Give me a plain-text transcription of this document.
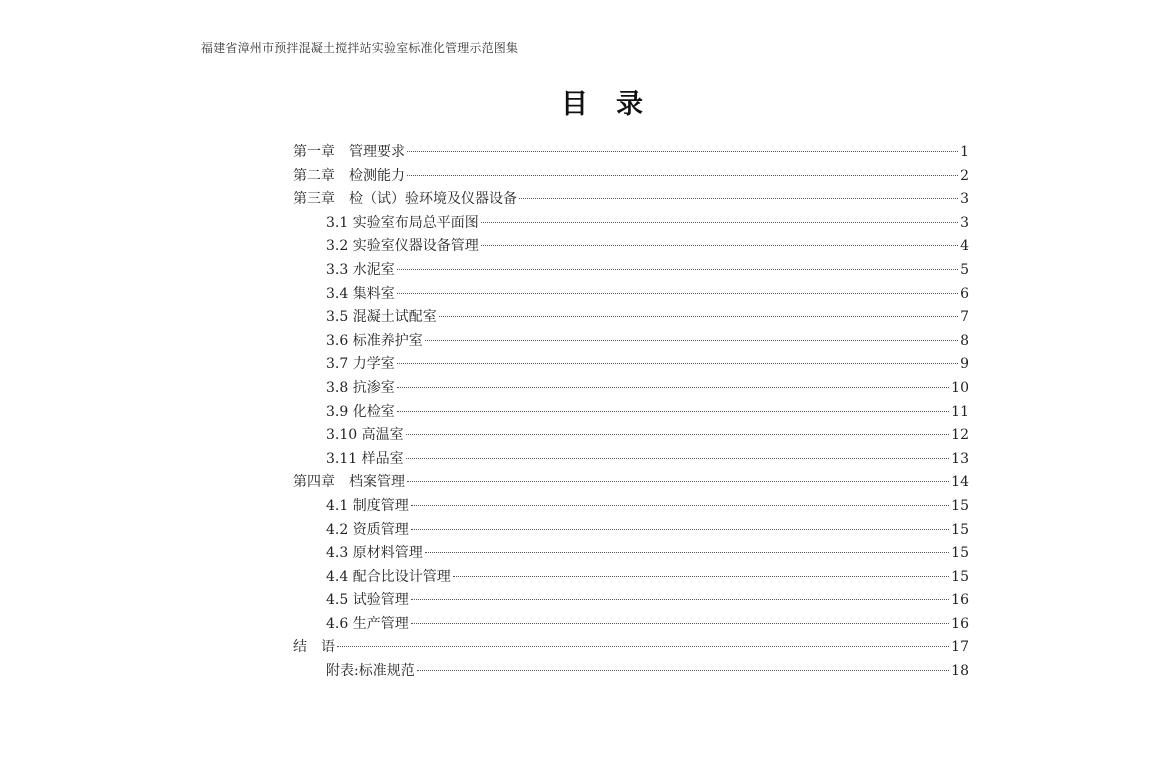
福建省漳州市预拌混凝土搅拌站实验室标准化管理示范图集
目录
第一章　管理要求	1
第二章　检测能力	2
第三章　检（试）验环境及仪器设备	3
3.1 实验室布局总平面图	3
3.2 实验室仪器设备管理	4
3.3 水泥室	5
3.4 集料室	6
3.5 混凝土试配室	7
3.6 标准养护室	8
3.7 力学室	9
3.8 抗渗室	10
3.9 化检室	11
3.10 高温室	12
3.11 样品室	13
第四章　档案管理	14
4.1 制度管理	15
4.2 资质管理	15
4.3 原材料管理	15
4.4 配合比设计管理	15
4.5 试验管理	16
4.6 生产管理	16
结　语	17
附表:标准规范	18
